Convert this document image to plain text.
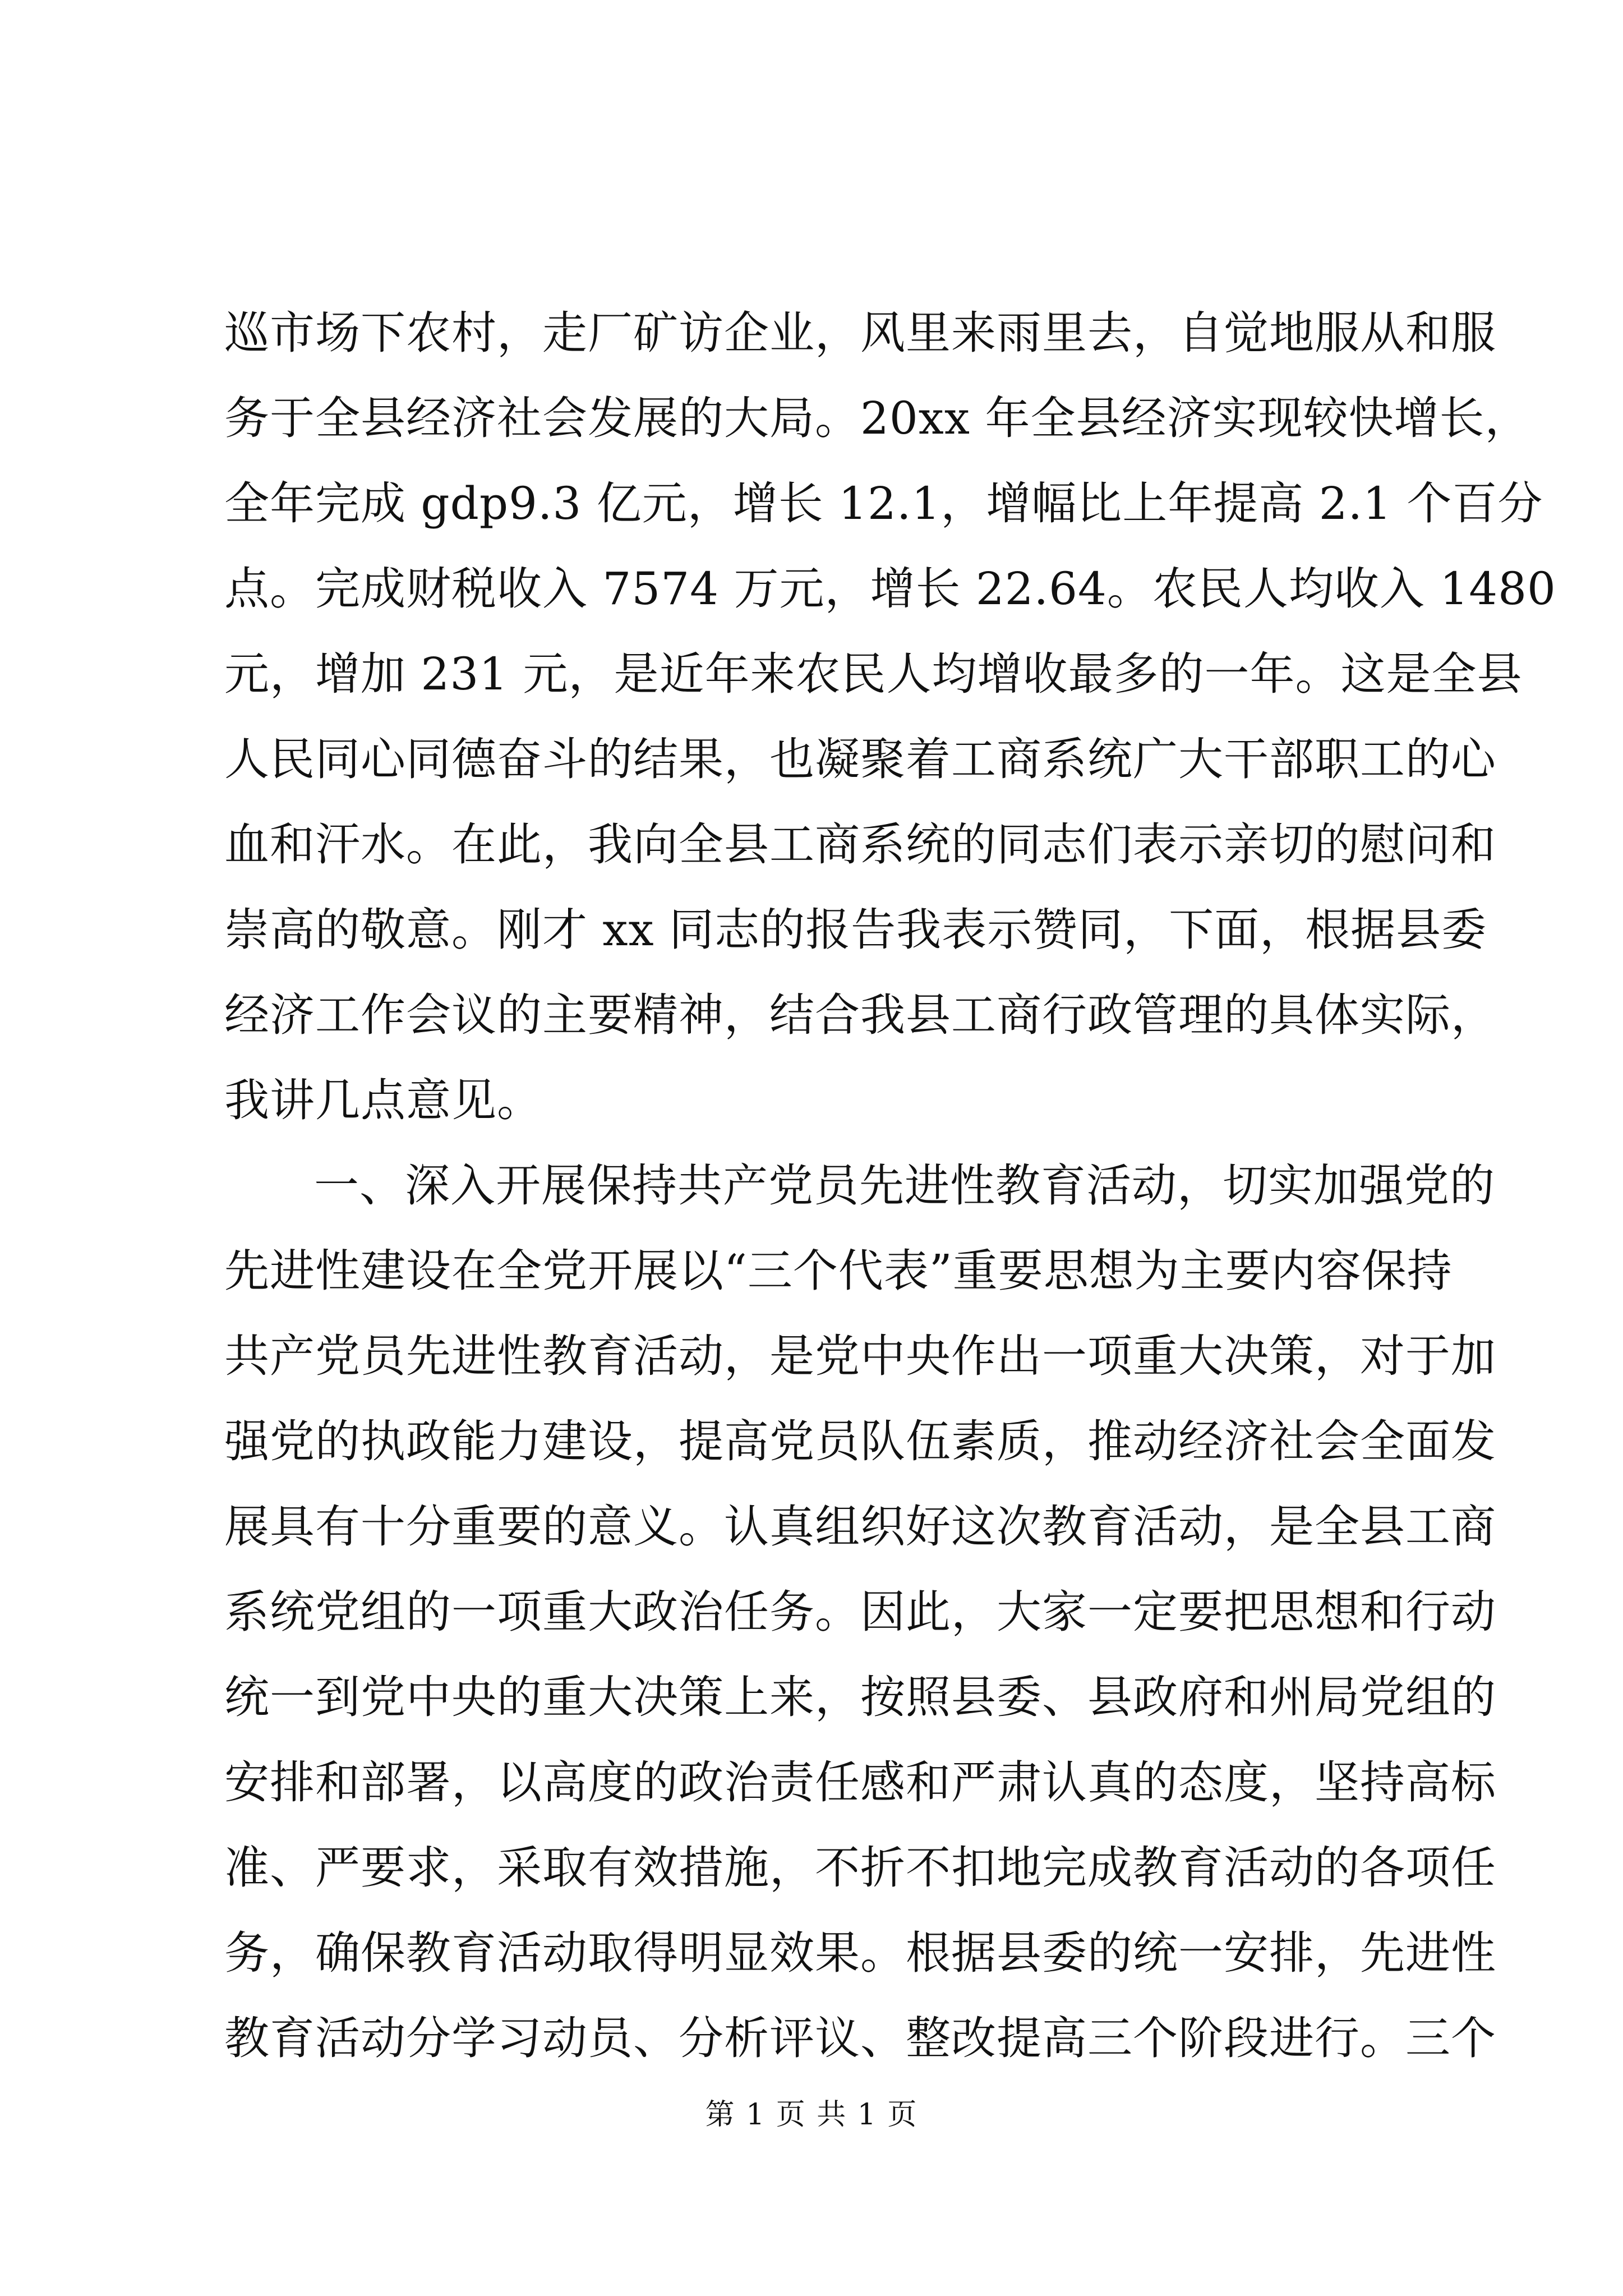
巡市场下农村，走厂矿访企业，风里来雨里去，自觉地服从和服
务于全县经济社会发展的大局。20xx 年全县经济实现较快增长，
全年完成 gdp9.3 亿元，增长 12.1，增幅比上年提高 2.1 个百分
点。完成财税收入 7574 万元，增长 22.64。农民人均收入 1480
元，增加 231 元，是近年来农民人均增收最多的一年。这是全县
人民同心同德奋斗的结果，也凝聚着工商系统广大干部职工的心
血和汗水。在此，我向全县工商系统的同志们表示亲切的慰问和
崇高的敬意。刚才 xx 同志的报告我表示赞同，下面，根据县委
经济工作会议的主要精神，结合我县工商行政管理的具体实际，
我讲几点意见。
一、深入开展保持共产党员先进性教育活动，切实加强党的
先进性建设在全党开展以“三个代表”重要思想为主要内容保持
共产党员先进性教育活动，是党中央作出一项重大决策，对于加
强党的执政能力建设，提高党员队伍素质，推动经济社会全面发
展具有十分重要的意义。认真组织好这次教育活动，是全县工商
系统党组的一项重大政治任务。因此，大家一定要把思想和行动
统一到党中央的重大决策上来，按照县委、县政府和州局党组的
安排和部署，以高度的政治责任感和严肃认真的态度，坚持高标
准、严要求，采取有效措施，不折不扣地完成教育活动的各项任
务，确保教育活动取得明显效果。根据县委的统一安排，先进性
教育活动分学习动员、分析评议、整改提高三个阶段进行。三个
第 1 页 共 1 页
